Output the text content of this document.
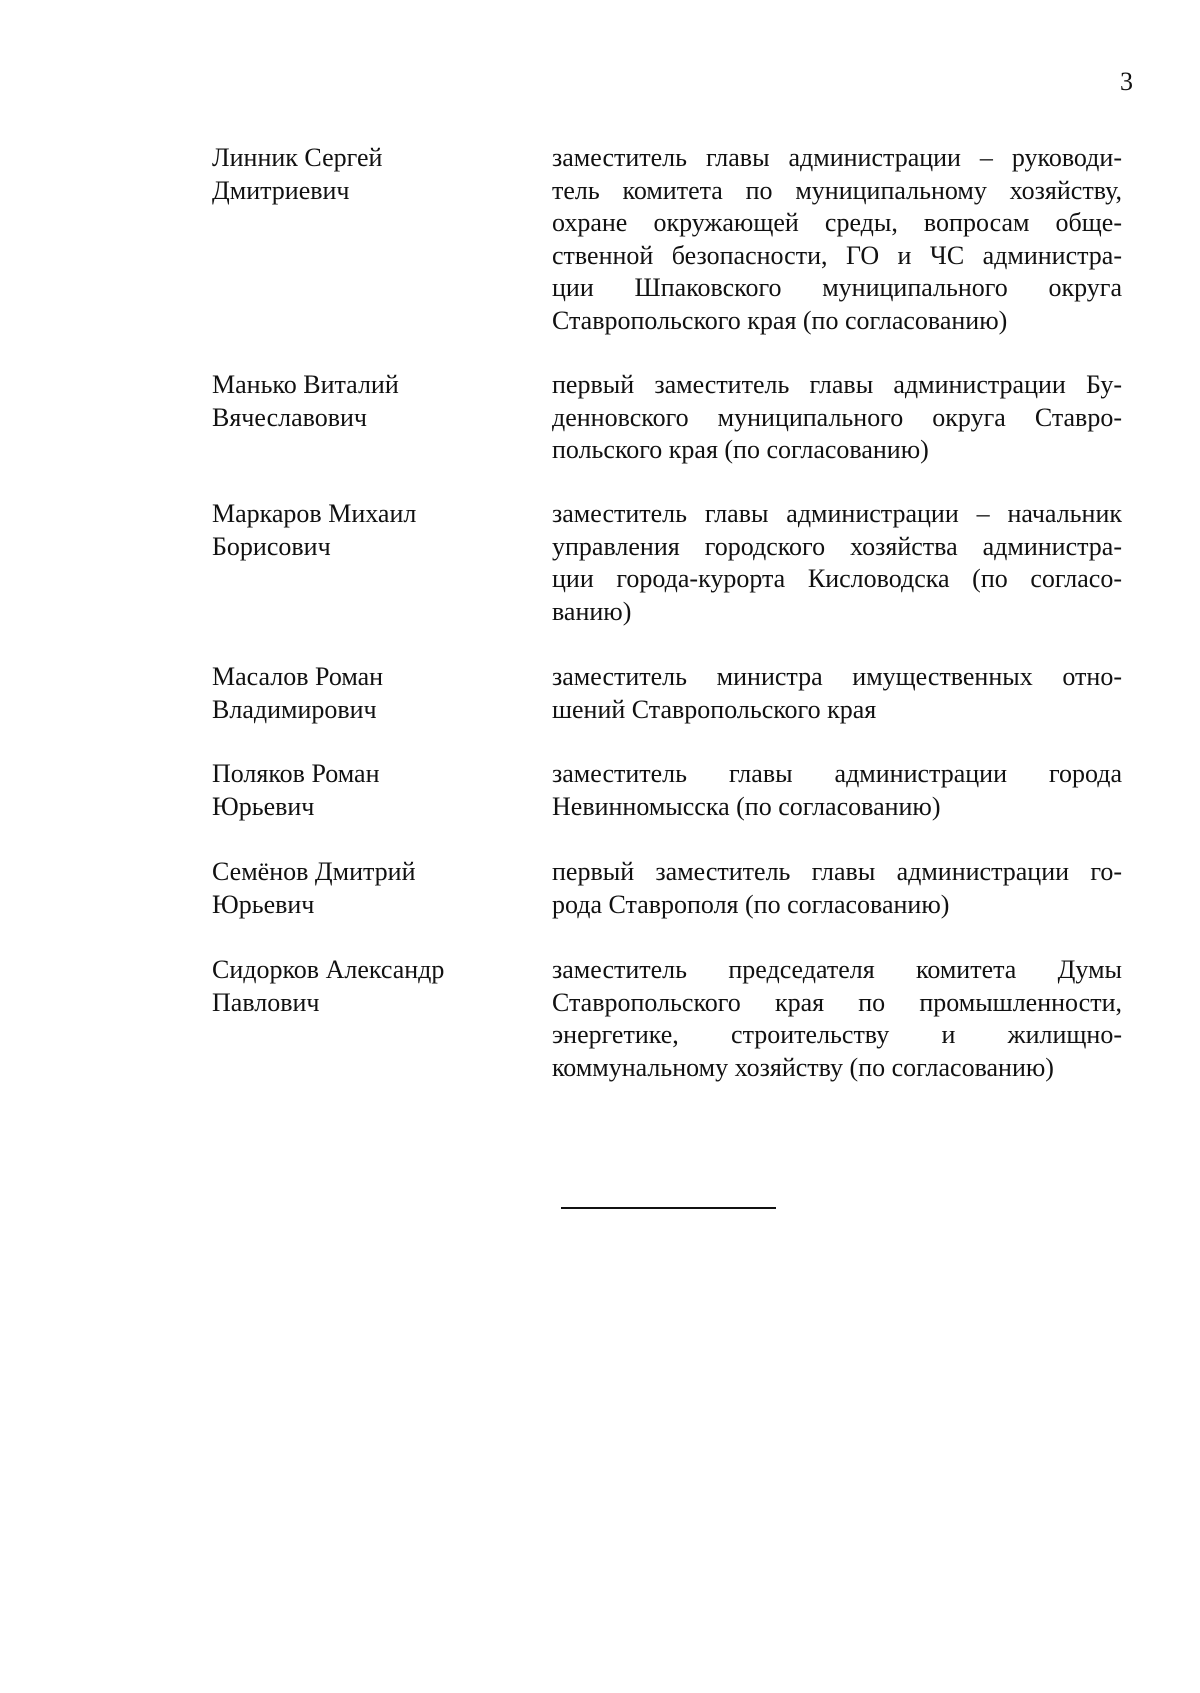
3
Линник Сергей
Дмитриевич
заместитель главы администрации – руководи-
тель комитета по муниципальному хозяйству,
охране окружающей среды, вопросам обще-
ственной безопасности, ГО и ЧС администра-
ции Шпаковского муниципального округа
Ставропольского края (по согласованию)
Манько Виталий
Вячеславович
первый заместитель главы администрации Бу-
денновского муниципального округа Ставро-
польского края (по согласованию)
Маркаров Михаил
Борисович
заместитель главы администрации – начальник
управления городского хозяйства администра-
ции города-курорта Кисловодска (по согласо-
ванию)
Масалов Роман
Владимирович
заместитель министра имущественных отно-
шений Ставропольского края
Поляков Роман
Юрьевич
заместитель главы администрации города
Невинномысска (по согласованию)
Семёнов Дмитрий
Юрьевич
первый заместитель главы администрации го-
рода Ставрополя (по согласованию)
Сидорков Александр
Павлович
заместитель председателя комитета Думы
Ставропольского края по промышленности,
энергетике, строительству и жилищно-
коммунальному хозяйству (по согласованию)
